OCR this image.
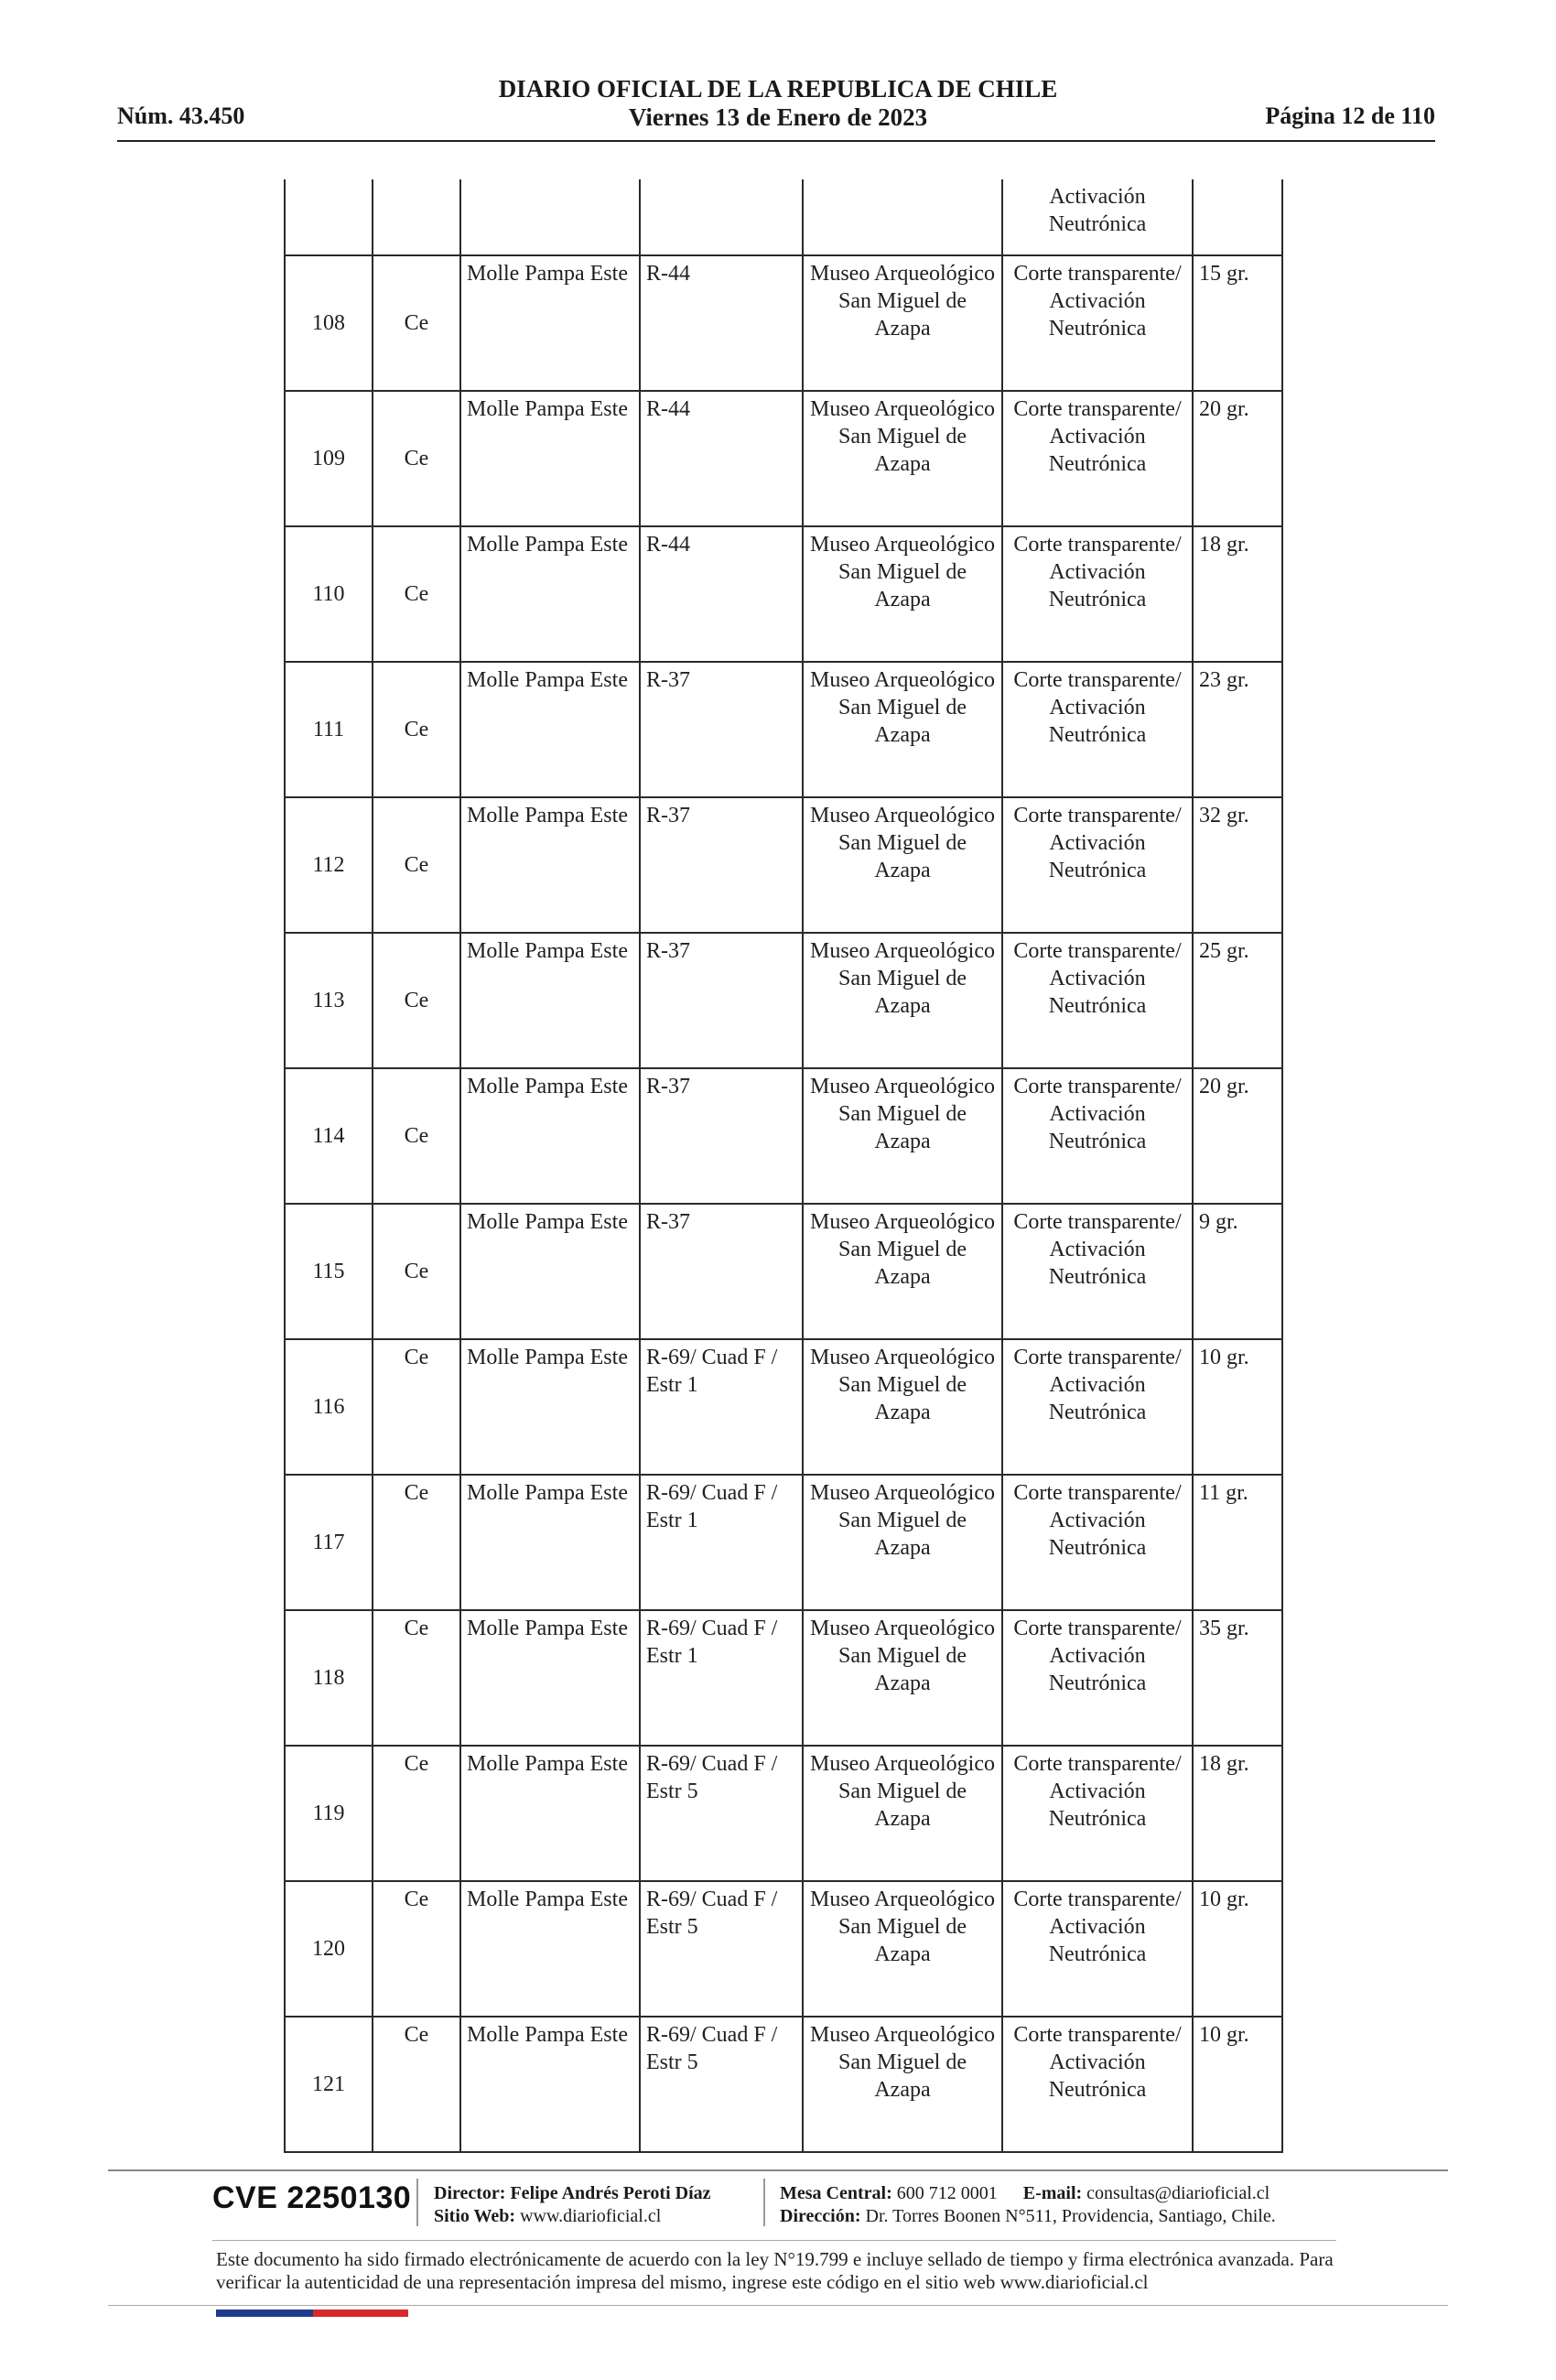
Núm. 43.450
DIARIO OFICIAL DE LA REPUBLICA DE CHILE
Viernes 13 de Enero de 2023	Página 12 de 110
					Activación Neutrónica	
108	Ce	Molle Pampa Este	R-44	Museo Arqueológico San Miguel de Azapa	Corte transparente/ Activación Neutrónica	15 gr.
109	Ce	Molle Pampa Este	R-44	Museo Arqueológico San Miguel de Azapa	Corte transparente/ Activación Neutrónica	20 gr.
110	Ce	Molle Pampa Este	R-44	Museo Arqueológico San Miguel de Azapa	Corte transparente/ Activación Neutrónica	18 gr.
111	Ce	Molle Pampa Este	R-37	Museo Arqueológico San Miguel de Azapa	Corte transparente/ Activación Neutrónica	23 gr.
112	Ce	Molle Pampa Este	R-37	Museo Arqueológico San Miguel de Azapa	Corte transparente/ Activación Neutrónica	32 gr.
113	Ce	Molle Pampa Este	R-37	Museo Arqueológico San Miguel de Azapa	Corte transparente/ Activación Neutrónica	25 gr.
114	Ce	Molle Pampa Este	R-37	Museo Arqueológico San Miguel de Azapa	Corte transparente/ Activación Neutrónica	20 gr.
115	Ce	Molle Pampa Este	R-37	Museo Arqueológico San Miguel de Azapa	Corte transparente/ Activación Neutrónica	9 gr.
116	Ce	Molle Pampa Este	R-69/ Cuad F / Estr 1	Museo Arqueológico San Miguel de Azapa	Corte transparente/ Activación Neutrónica	10 gr.
117	Ce	Molle Pampa Este	R-69/ Cuad F / Estr 1	Museo Arqueológico San Miguel de Azapa	Corte transparente/ Activación Neutrónica	11 gr.
118	Ce	Molle Pampa Este	R-69/ Cuad F / Estr 1	Museo Arqueológico San Miguel de Azapa	Corte transparente/ Activación Neutrónica	35 gr.
119	Ce	Molle Pampa Este	R-69/ Cuad F / Estr 5	Museo Arqueológico San Miguel de Azapa	Corte transparente/ Activación Neutrónica	18 gr.
120	Ce	Molle Pampa Este	R-69/ Cuad F / Estr 5	Museo Arqueológico San Miguel de Azapa	Corte transparente/ Activación Neutrónica	10 gr.
121	Ce	Molle Pampa Este	R-69/ Cuad F / Estr 5	Museo Arqueológico San Miguel de Azapa	Corte transparente/ Activación Neutrónica	10 gr.
CVE 2250130 Director: Felipe Andrés Peroti Díaz
Sitio Web: www.diarioficial.cl
Mesa Central: 600 712 0001 E-mail: consultas@diarioficial.cl
Dirección: Dr. Torres Boonen N°511, Providencia, Santiago, Chile.
Este documento ha sido firmado electrónicamente de acuerdo con la ley N°19.799 e incluye sellado de tiempo y firma electrónica avanzada. Para verificar la autenticidad de una representación impresa del mismo, ingrese este código en el sitio web www.diarioficial.cl
